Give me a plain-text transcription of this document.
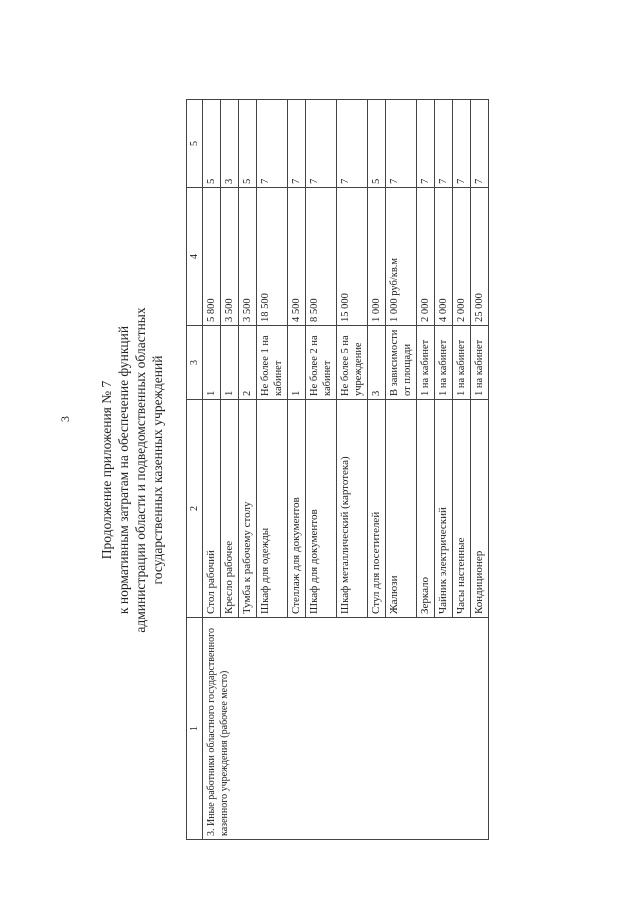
3 Продолжение приложения № 7 к нормативным затратам на обеспечение функций администрации области и подведомственных областных государственных казенных учреждений
1	2	3	4	5
3. Иные работники областного государственного казенного учреждения (рабочее место)	Стол рабочий	1	5 800	5
	Кресло рабочее	1	3 500	3
	Тумба к рабочему столу	2	3 500	5
	Шкаф для одежды	Не более 1 на кабинет	18 500	7
	Стеллаж для документов	1	4 500	7
	Шкаф для документов	Не более 2 на кабинет	8 500	7
	Шкаф металлический (картотека)	Не более 5 на учреждение	15 000	7
	Стул для посетителей	3	1 000	5
	Жалюзи	В зависимости от площади	1 000 руб/кв.м	7
	Зеркало	1 на кабинет	2 000	7
	Чайник электрический	1 на кабинет	4 000	7
	Часы настенные	1 на кабинет	2 000	7
	Кондиционер	1 на кабинет	25 000	7
